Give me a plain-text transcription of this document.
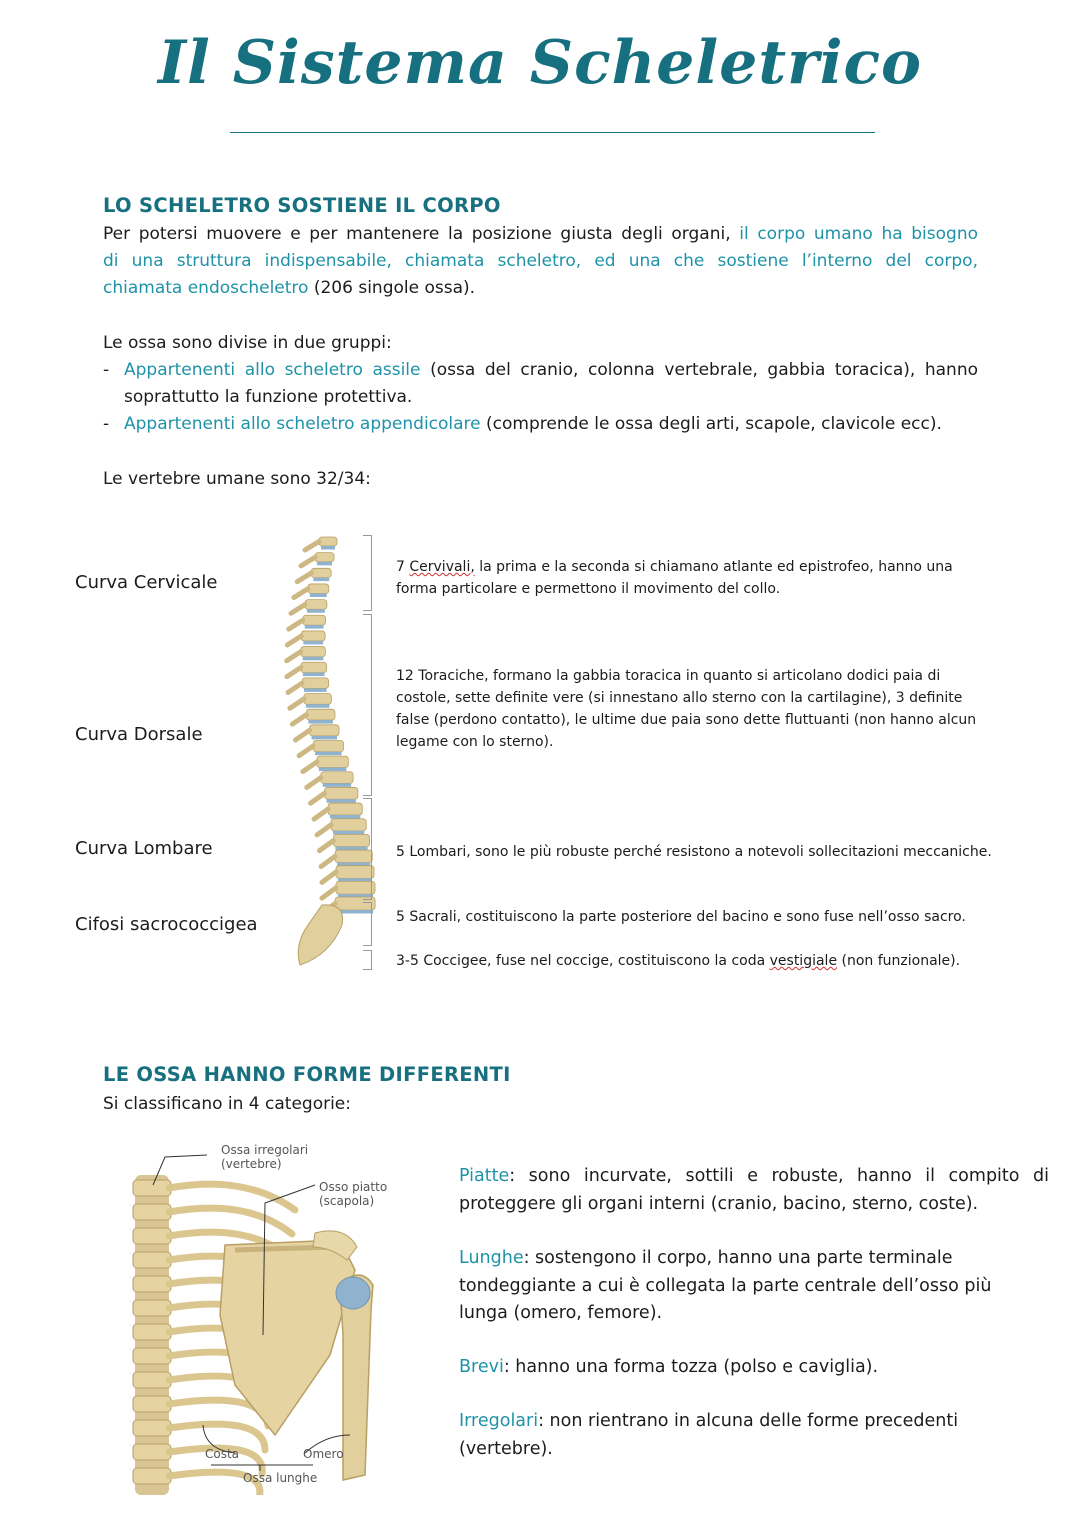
Il Sistema Scheletrico
LO SCHELETRO SOSTIENE IL CORPO
Per potersi muovere e per mantenere la posizione giusta degli organi, il corpo umano ha bisogno
di una struttura indispensabile, chiamata scheletro, ed una che sostiene l’interno del corpo,
chiamata endoscheletro (206 singole ossa).
Le ossa sono divise in due gruppi:
- Appartenenti allo scheletro assile (ossa del cranio, colonna vertebrale, gabbia toracica), hanno
soprattutto la funzione protettiva.
- Appartenenti allo scheletro appendicolare (comprende le ossa degli arti, scapole, clavicole ecc).
Le vertebre umane sono 32/34:
Curva Cervicale
Curva Dorsale
Curva Lombare
Cifosi sacrococcigea
7 Cervivali, la prima e la seconda si chiamano atlante ed epistrofeo, hanno una
forma particolare e permettono il movimento del collo.
12 Toraciche, formano la gabbia toracica in quanto si articolano dodici paia di
costole, sette definite vere (si innestano allo sterno con la cartilagine), 3 definite
false (perdono contatto), le ultime due paia sono dette fluttuanti (non hanno alcun
legame con lo sterno).
5 Lombari, sono le più robuste perché resistono a notevoli sollecitazioni meccaniche.
5 Sacrali, costituiscono la parte posteriore del bacino e sono fuse nell’osso sacro.
3-5 Coccigee, fuse nel coccige, costituiscono la coda vestigiale (non funzionale).
LE OSSA HANNO FORME DIFFERENTI
Si classificano in 4 categorie:
Ossa irregolari
(vertebre)
Osso piatto
(scapola)
Costa	Omero
Ossa lunghe
Piatte: sono incurvate, sottili e robuste, hanno il compito di
proteggere gli organi interni (cranio, bacino, sterno, coste).
Lunghe: sostengono il corpo, hanno una parte terminale
tondeggiante a cui è collegata la parte centrale dell’osso più
lunga (omero, femore).
Brevi: hanno una forma tozza (polso e caviglia).
Irregolari: non rientrano in alcuna delle forme precedenti
(vertebre).
